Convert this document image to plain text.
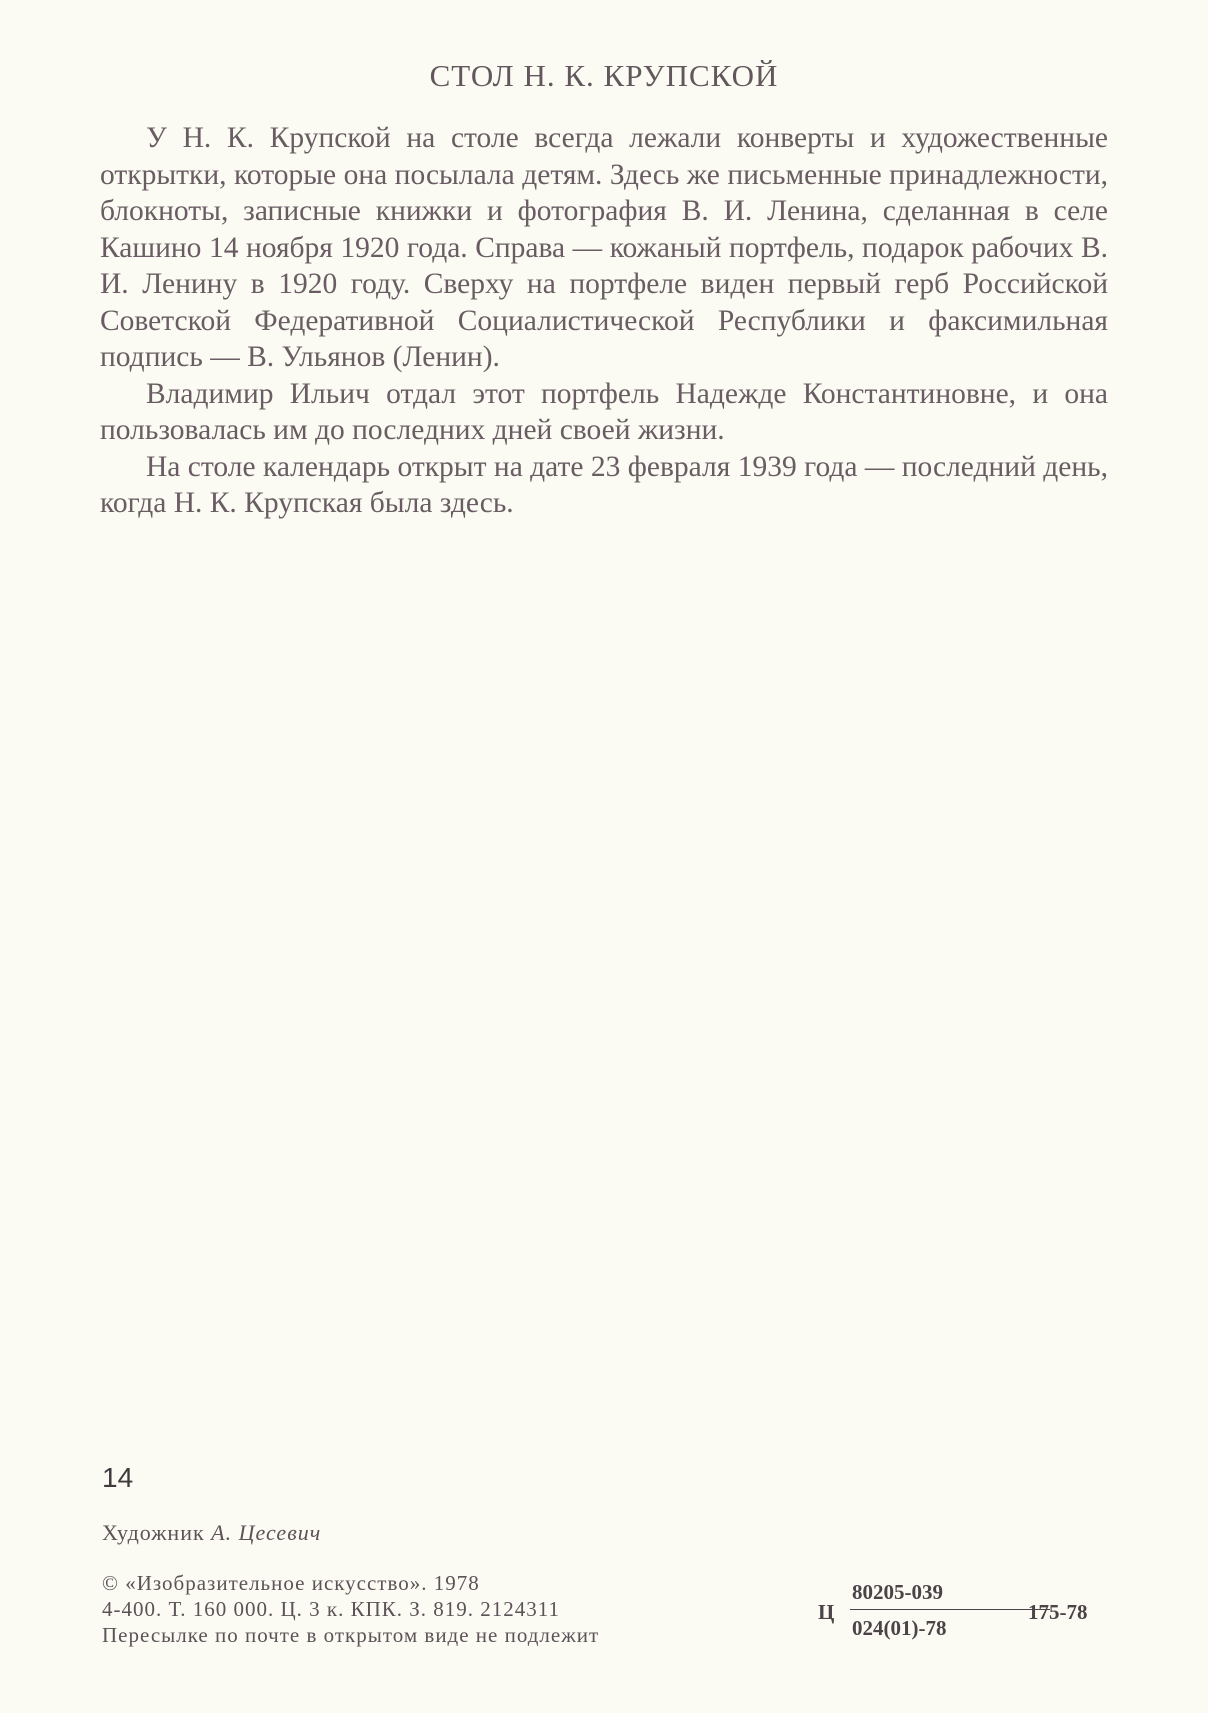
СТОЛ Н. К. КРУПСКОЙ

У Н. К. Крупской на столе всегда лежали конверты и художественные открытки, которые она посылала детям. Здесь же письменные принадлежности, блокноты, записные книжки и фотография В. И. Ленина, сделанная в селе Кашино 14 ноября 1920 года. Справа — кожаный портфель, подарок рабочих В. И. Ленину в 1920 году. Сверху на портфеле виден первый герб Российской Советской Федеративной Социалистической Республики и факсимильная подпись — В. Ульянов (Ленин).

Владимир Ильич отдал этот портфель Надежде Константиновне, и она пользовалась им до последних дней своей жизни.

На столе календарь открыт на дате 23 февраля 1939 года — последний день, когда Н. К. Крупская была здесь.

14
Художник А. Цесевич
© «Изобразительное искусство». 1978
4-400. Т. 160 000. Ц. 3 к. КПК. З. 819. 2124311
Пересылке по почте в открытом виде не подлежит
Ц
80205-039
024(01)-78
175-78
